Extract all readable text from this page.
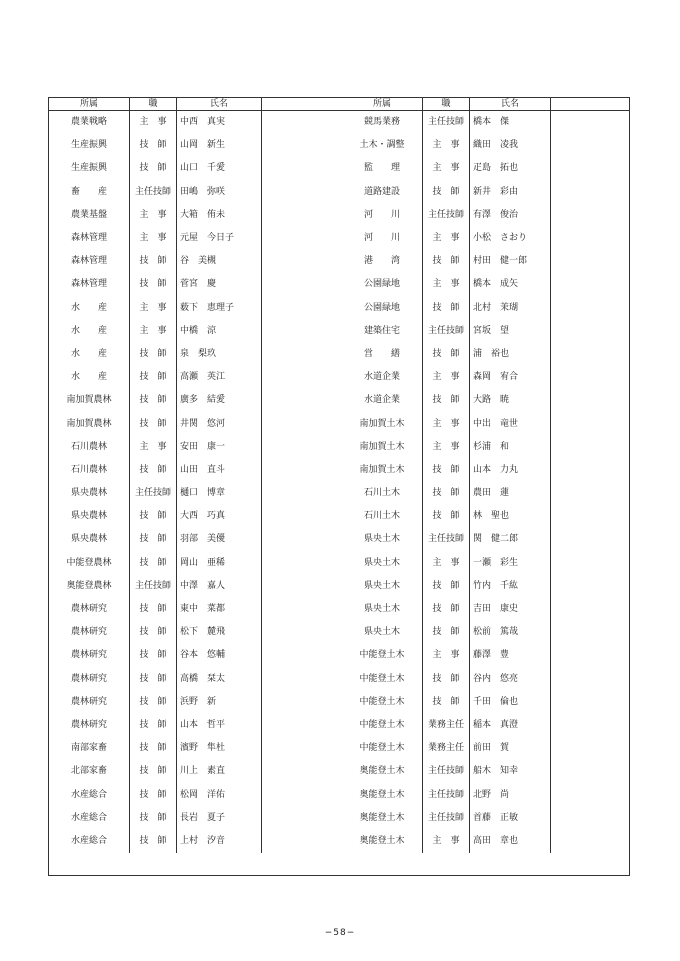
所属	職	氏名		所属	職	氏名	
農業戦略	主　事	中西　真実		競馬業務	主任技師	橋本　傑	
生産振興	技　師	山岡　新生		土木・調整	主　事	織田　凌我	
生産振興	技　師	山口　千愛		監　　理	主　事	疋島　拓也	
畜　　産	主任技師	田嶋　弥咲		道路建設	技　師	新井　彩由	
農業基盤	主　事	大箱　侑未		河　　川	主任技師	有澤　俊治	
森林管理	主　事	元屋　今日子		河　　川	主　事	小松　さおり	
森林管理	技　師	谷　美槻		港　　湾	技　師	村田　健一郎	
森林管理	技　師	菅宮　慶		公園緑地	主　事	橋本　成矢	
水　　産	主　事	薮下　恵理子		公園緑地	技　師	北村　茉瑚	
水　　産	主　事	中橋　涼		建築住宅	主任技師	宮坂　望	
水　　産	技　師	泉　梨玖		営　　繕	技　師	浦　裕也	
水　　産	技　師	高瀬　英江		水道企業	主　事	森岡　宥合	
南加賀農林	技　師	廣多　結愛		水道企業	技　師	大路　暁	
南加賀農林	技　師	井関　悠河		南加賀土木	主　事	中出　竜世	
石川農林	主　事	安田　康一		南加賀土木	主　事	杉浦　和	
石川農林	技　師	山田　直斗		南加賀土木	技　師	山本　力丸	
県央農林	主任技師	樋口　博章		石川土木	技　師	農田　蓮	
県央農林	技　師	大西　巧真		石川土木	技　師	林　聖也	
県央農林	技　師	羽部　美優		県央土木	主任技師	関　健二郎	
中能登農林	技　師	岡山　亜稀		県央土木	主　事	一瀬　彩生	
奥能登農林	主任技師	中澤　嘉人		県央土木	技　師	竹内　千紘	
農林研究	技　師	東中　菜都		県央土木	技　師	吉田　康史	
農林研究	技　師	松下　麓飛		県央土木	技　師	松前　篤哉	
農林研究	技　師	谷本　悠輔		中能登土木	主　事	藤澤　豊	
農林研究	技　師	高橋　栞太		中能登土木	技　師	谷内　悠亮	
農林研究	技　師	浜野　新		中能登土木	技　師	千田　倫也	
農林研究	技　師	山本　哲平		中能登土木	業務主任	稲本　真澄	
南部家畜	技　師	濱野　隼杜		中能登土木	業務主任	前田　賀	
北部家畜	技　師	川上　素直		奥能登土木	主任技師	船木　知幸	
水産総合	技　師	松岡　洋佑		奥能登土木	主任技師	北野　尚	
水産総合	技　師	長岩　夏子		奥能登土木	主任技師	首藤　正敏	
水産総合	技　師	上村　汐音		奥能登土木	主　事	高田　章也	
−58−
